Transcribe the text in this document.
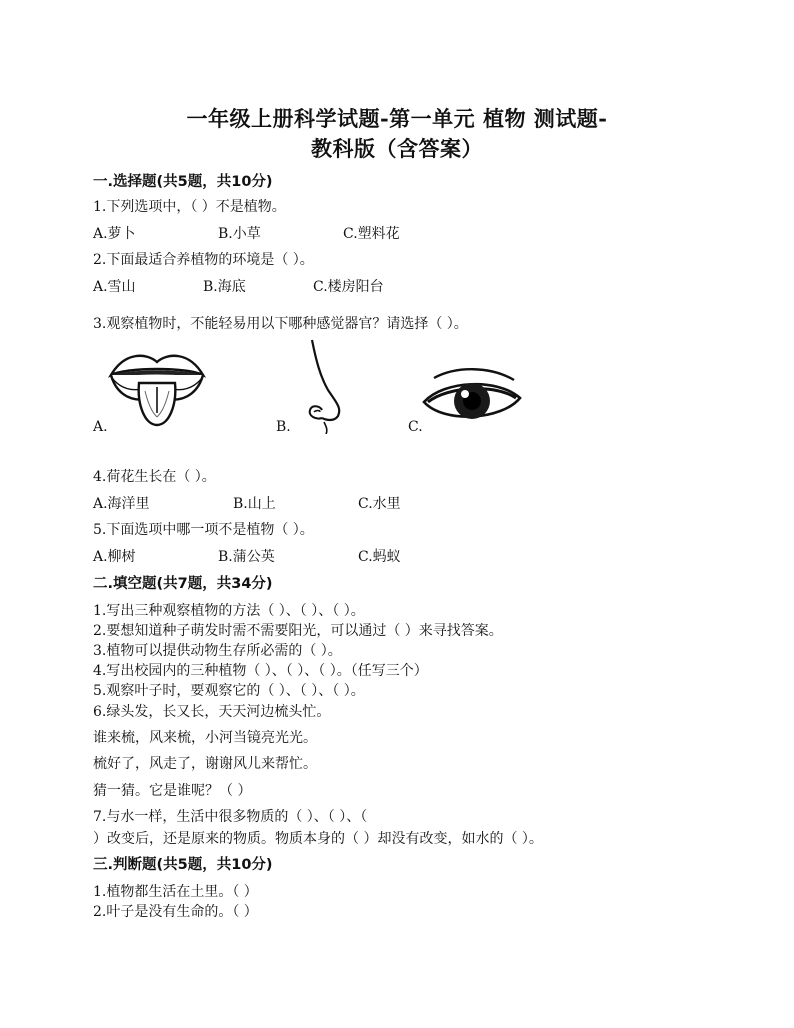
一年级上册科学试题-第一单元 植物 测试题-
教科版（含答案）
一.选择题(共5题，共10分)
1.下列选项中，（ ）不是植物。
A.萝卜	B.小草	C.塑料花
2.下面最适合养植物的环境是（ ）。
A.雪山	B.海底	C.楼房阳台
3.观察植物时，不能轻易用以下哪种感觉器官？请选择（ ）。
A.	B.	C.
4.荷花生长在（ ）。
A.海洋里	B.山上	C.水里
5.下面选项中哪一项不是植物（ ）。
A.柳树	B.蒲公英	C.蚂蚁
二.填空题(共7题，共34分)
1.写出三种观察植物的方法（ ）、（ ）、（ ）。
2.要想知道种子萌发时需不需要阳光，可以通过（ ）来寻找答案。
3.植物可以提供动物生存所必需的（ ）。
4.写出校园内的三种植物（ ）、（ ）、（ ）。（任写三个）
5.观察叶子时，要观察它的（ ）、（ ）、（ ）。
6.绿头发，长又长，天天河边梳头忙。
谁来梳，风来梳，小河当镜亮光光。
梳好了，风走了，谢谢风儿来帮忙。
猜一猜。它是谁呢？（ ）
7.与水一样，生活中很多物质的（ ）、（ ）、（
）改变后，还是原来的物质。物质本身的（ ）却没有改变，如水的（ ）。
三.判断题(共5题，共10分)
1.植物都生活在土里。（ ）
2.叶子是没有生命的。（ ）
